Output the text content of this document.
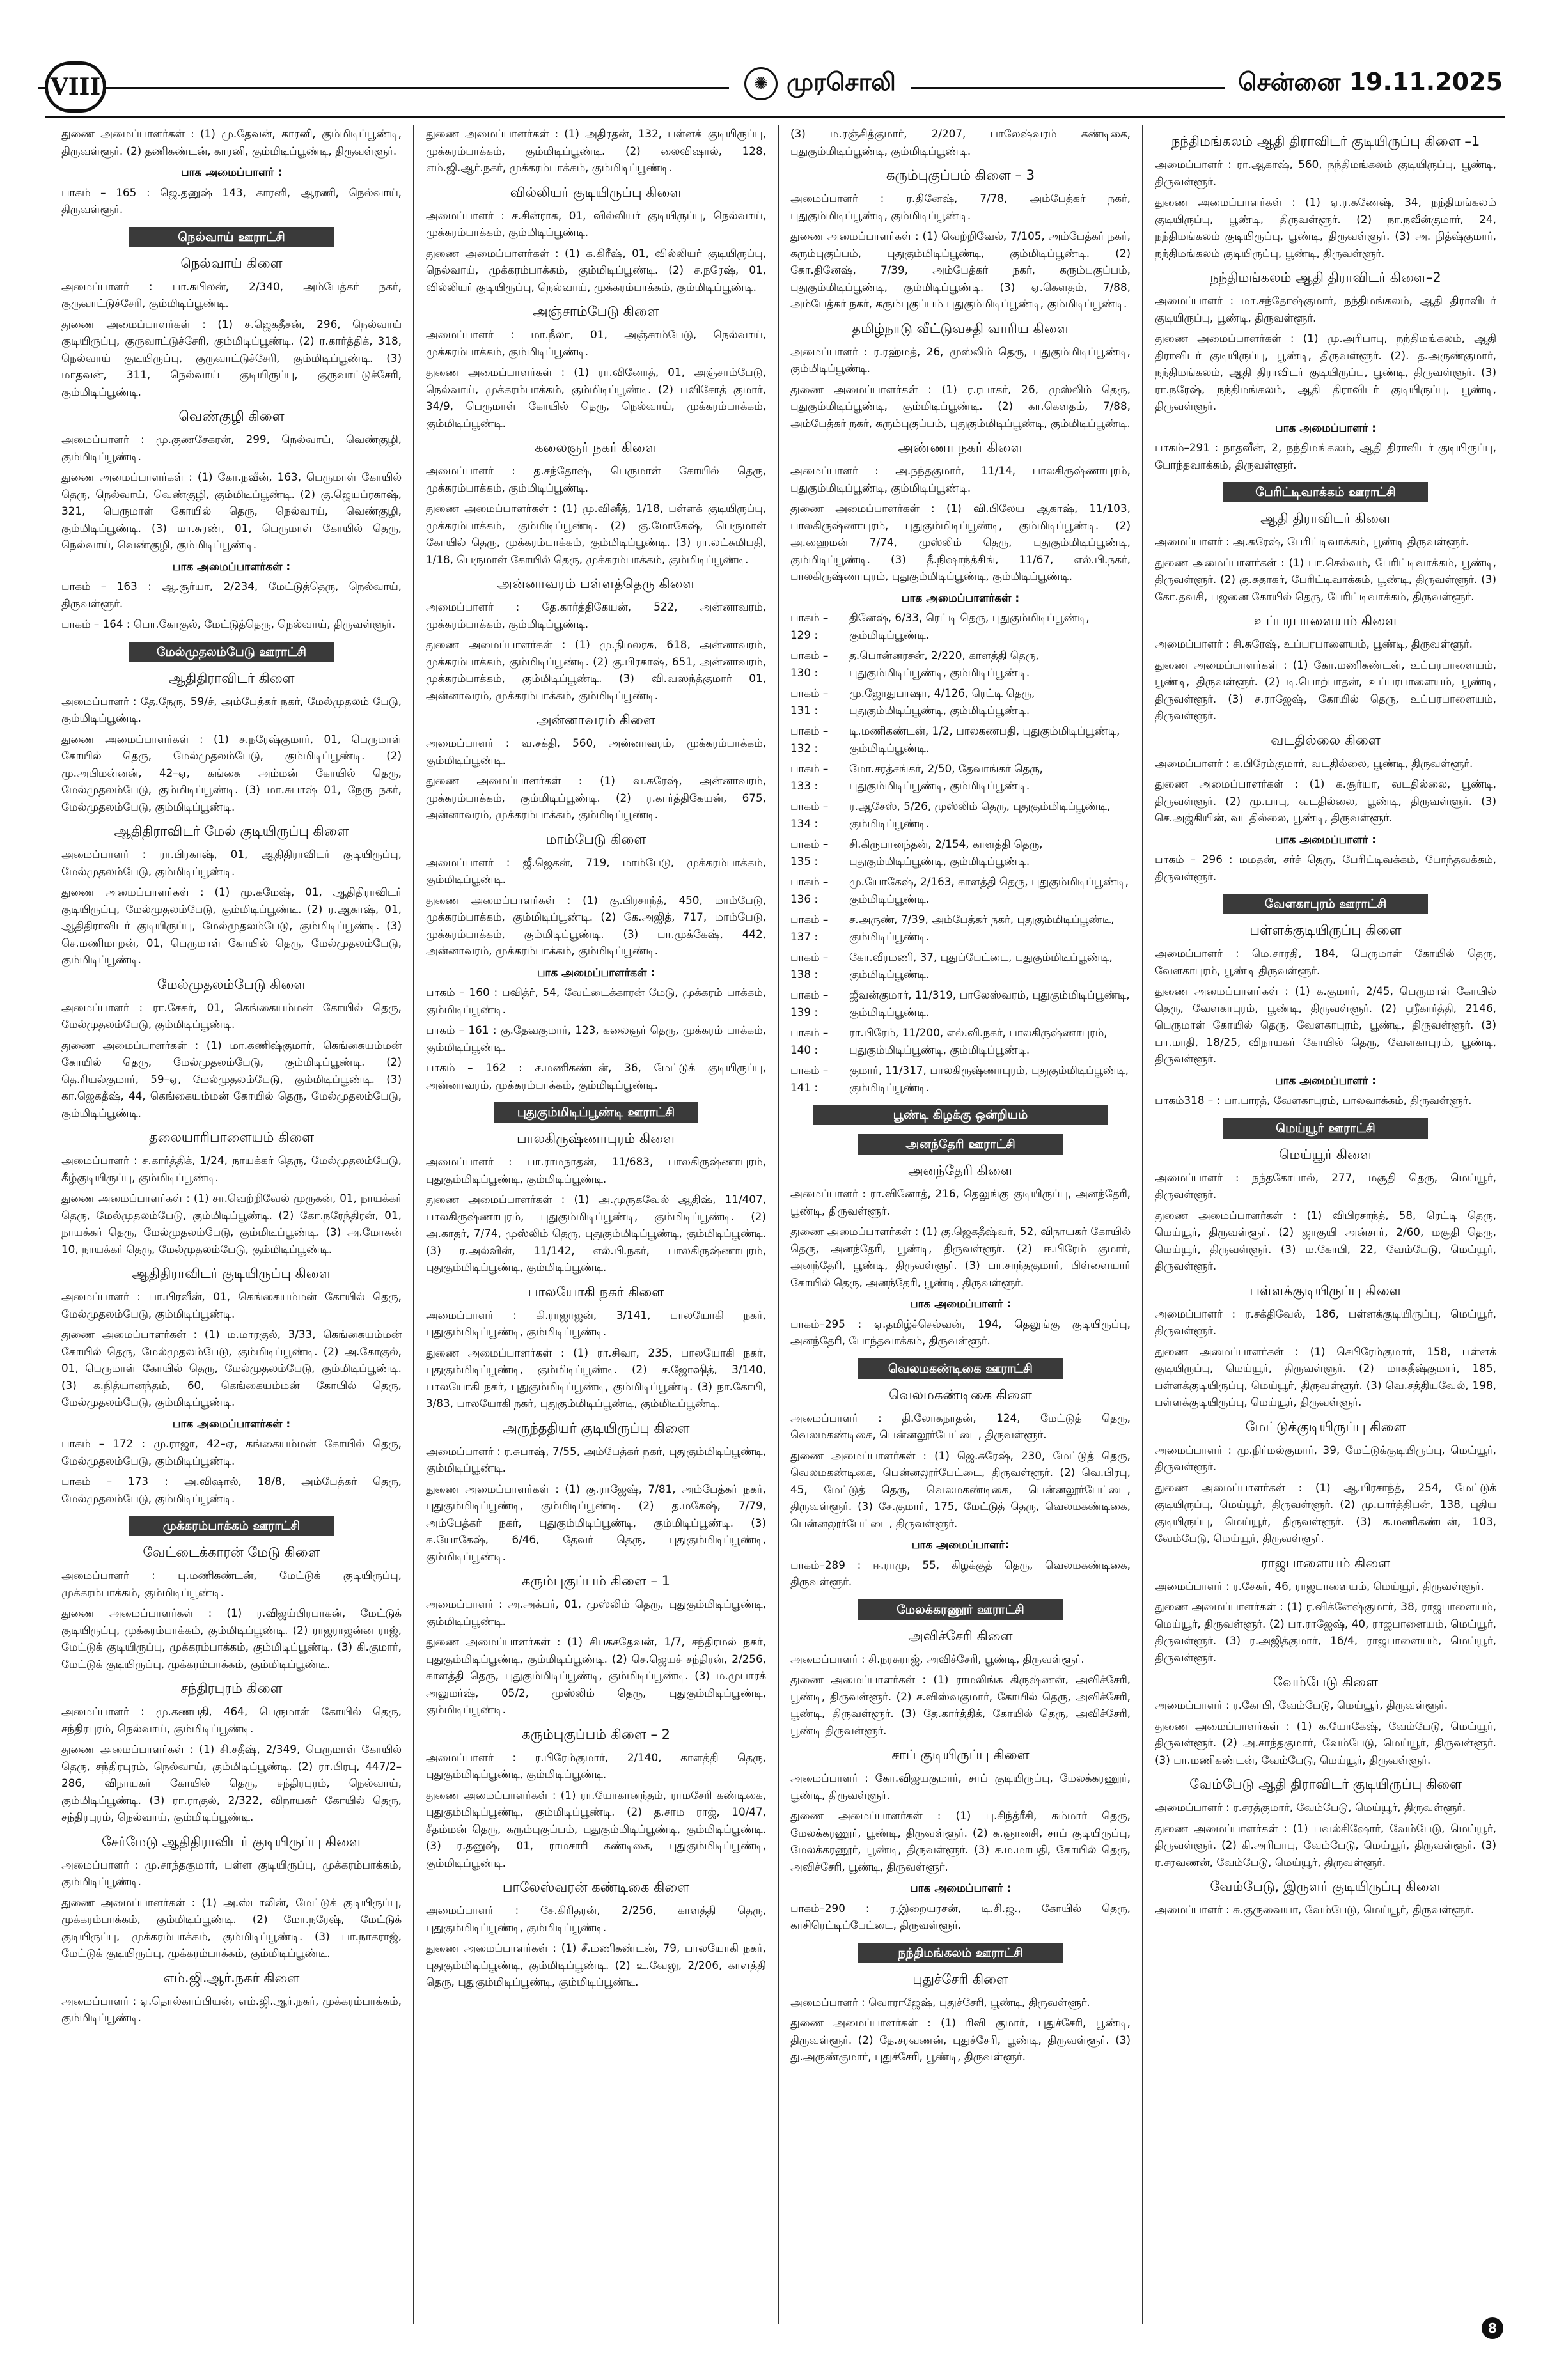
VIII	✺ முரசொலி	சென்னை 19.11.2025

துணை அமைப்பாளர்கள் : (1) மு.தேவன், காரனி, கும்மிடிப்பூண்டி, திருவள்ளூர். (2) தணிகண்டன், காரனி, கும்மிடிப்பூண்டி, திருவள்ளூர்.

பாக அமைப்பாளர் :

பாகம் – 165 : ஜெ.தனுஷ் 143, காரனி, ஆரணி, நெல்வாய், திருவள்ளூர்.

நெல்வாய் ஊராட்சி
நெல்வாய் கிளை

அமைப்பாளர் : பா.சுபிலன், 2/340, அம்பேத்கர் நகர், குருவாட்டுச்சேரி, கும்மிடிப்பூண்டி.

துணை அமைப்பாளர்கள் : (1) ச.ஜெகதீசன், 296, நெல்வாய் குடியிருப்பு, குருவாட்டுச்சேரி, கும்மிடிப்பூண்டி. (2) ர.கார்த்திக், 318, நெல்வாய் குடியிருப்பு, குருவாட்டுச்சேரி, கும்மிடிப்பூண்டி. (3) மாதவன், 311, நெல்வாய் குடியிருப்பு, குருவாட்டுச்சேரி, கும்மிடிப்பூண்டி.

வெண்குழி கிளை

அமைப்பாளர் : மு.குணசேகரன், 299, நெல்வாய், வெண்குழி, கும்மிடிப்பூண்டி.

துணை அமைப்பாளர்கள் : (1) கோ.நவீன், 163, பெருமாள் கோயில் தெரு, நெல்வாய், வெண்குழி, கும்மிடிப்பூண்டி. (2) கு.ஜெயப்ரகாஷ், 321, பெருமாள் கோயில் தெரு, நெல்வாய், வெண்குழி, கும்மிடிப்பூண்டி. (3) மா.சுரண், 01, பெருமாள் கோயில் தெரு, நெல்வாய், வெண்குழி, கும்மிடிப்பூண்டி.

பாக அமைப்பாளர்கள் :

பாகம் – 163 : ஆ.சூர்யா, 2/234, மேட்டுத்தெரு, நெல்வாய், திருவள்ளூர்.

பாகம் – 164 : பொ.கோகுல், மேட்டுத்தெரு, நெல்வாய், திருவள்ளூர்.

மேல்முதலம்பேடு ஊராட்சி
ஆதிதிராவிடர் கிளை

அமைப்பாளர் : தே.நேரு, 59/ச், அம்பேத்கர் நகர், மேல்முதலம் பேடு, கும்மிடிப்பூண்டி.

துணை அமைப்பாளர்கள் : (1) ச.நரேஷ்குமார், 01, பெருமாள் கோயில் தெரு, மேல்முதலம்பேடு, கும்மிடிப்பூண்டி. (2) மு.அபிமன்னன், 42–ஏ, கங்கை அம்மன் கோயில் தெரு, மேல்முதலம்பேடு, கும்மிடிப்பூண்டி. (3) மா.சுபாஷ் 01, நேரு நகர், மேல்முதலம்பேடு, கும்மிடிப்பூண்டி.

ஆதிதிராவிடர் மேல் குடியிருப்பு கிளை

அமைப்பாளர் : ரா.பிரகாஷ், 01, ஆதிதிராவிடர் குடியிருப்பு, மேல்முதலம்பேடு, கும்மிடிப்பூண்டி.

துணை அமைப்பாளர்கள் : (1) மு.கமேஷ், 01, ஆதிதிராவிடர் குடியிருப்பு, மேல்முதலம்பேடு, கும்மிடிப்பூண்டி. (2) ர.ஆகாஷ், 01, ஆதிதிராவிடர் குடியிருப்பு, மேல்முதலம்பேடு, கும்மிடிப்பூண்டி. (3) செ.மணிமாறன், 01, பெருமாள் கோயில் தெரு, மேல்முதலம்பேடு, கும்மிடிப்பூண்டி.

மேல்முதலம்பேடு கிளை

அமைப்பாளர் : ரா.சேகர், 01, கெங்கையம்மன் கோயில் தெரு, மேல்முதலம்பேடு, கும்மிடிப்பூண்டி.

துணை அமைப்பாளர்கள் : (1) மா.கணிஷ்குமார், கெங்கையம்மன் கோயில் தெரு, மேல்முதலம்பேடு, கும்மிடிப்பூண்டி. (2) தெ.ரியல்குமார், 59–ஏ, மேல்முதலம்பேடு, கும்மிடிப்பூண்டி. (3) கா.ஜெகதீஷ், 44, கெங்கையம்மன் கோயில் தெரு, மேல்முதலம்பேடு, கும்மிடிப்பூண்டி.

தலையாரிபாளையம் கிளை

அமைப்பாளர் : ச.கார்த்திக், 1/24, நாயக்கர் தெரு, மேல்முதலம்பேடு, கீழ்குடியிருப்பு, கும்மிடிப்பூண்டி.

துணை அமைப்பாளர்கள் : (1) சா.வெற்றிவேல் முருகன், 01, நாயக்கர் தெரு, மேல்முதலம்பேடு, கும்மிடிப்பூண்டி. (2) கோ.நரேந்திரன், 01, நாயக்கர் தெரு, மேல்முதலம்பேடு, கும்மிடிப்பூண்டி. (3) அ.மோகன் 10, நாயக்கர் தெரு, மேல்முதலம்பேடு, கும்மிடிப்பூண்டி.

ஆதிதிராவிடர் குடியிருப்பு கிளை

அமைப்பாளர் : பா.பிரவீன், 01, கெங்கையம்மன் கோயில் தெரு, மேல்முதலம்பேடு, கும்மிடிப்பூண்டி.

துணை அமைப்பாளர்கள் : (1) ம.மாரகுல், 3/33, கெங்கையம்மன் கோயில் தெரு, மேல்முதலம்பேடு, கும்மிடிப்பூண்டி. (2) அ.கோகுல், 01, பெருமாள் கோயில் தெரு, மேல்முதலம்பேடு, கும்மிடிப்பூண்டி. (3) க.நித்யானந்தம், 60, கெங்கையம்மன் கோயில் தெரு, மேல்முதலம்பேடு, கும்மிடிப்பூண்டி.

பாக அமைப்பாளர்கள் :

பாகம் – 172 : மு.ராஜா, 42–ஏ, கங்கையம்மன் கோயில் தெரு, மேல்முதலம்பேடு, கும்மிடிப்பூண்டி.

பாகம் – 173 : அ.விஷால், 18/8, அம்பேத்கர் தெரு, மேல்முதலம்பேடு, கும்மிடிப்பூண்டி.

முக்கரம்பாக்கம் ஊராட்சி
வேட்டைக்காரன் மேடு கிளை

அமைப்பாளர் : பு.மணிகண்டன், மேட்டுக் குடியிருப்பு, முக்கரம்பாக்கம், கும்மிடிப்பூண்டி.

துணை அமைப்பாளர்கள் : (1) ர.விஜய்பிரபாகன், மேட்டுக் குடியிருப்பு, முக்கரம்பாக்கம், கும்மிடிப்பூண்டி. (2) ராஜராஜன்ன ராஜ், மேட்டுக் குடியிருப்பு, முக்கரம்பாக்கம், கும்மிடிப்பூண்டி. (3) கி.குமார், மேட்டுக் குடியிருப்பு, முக்கரம்பாக்கம், கும்மிடிப்பூண்டி.

சந்திரபுரம் கிளை

அமைப்பாளர் : மு.கணபதி, 464, பெருமாள் கோயில் தெரு, சந்திரபுரம், நெல்வாய், கும்மிடிப்பூண்டி.

துணை அமைப்பாளர்கள் : (1) சி.சதீஷ், 2/349, பெருமாள் கோயில் தெரு, சந்திரபுரம், நெல்வாய், கும்மிடிப்பூண்டி. (2) ரா.பிரபு, 447/2–286, விநாயகர் கோயில் தெரு, சந்திரபுரம், நெல்வாய், கும்மிடிப்பூண்டி. (3) ரா.ராகுல், 2/322, விநாயகர் கோயில் தெரு, சந்திரபுரம், நெல்வாய், கும்மிடிப்பூண்டி.

சேர்மேடு ஆதிதிராவிடர் குடியிருப்பு கிளை

அமைப்பாளர் : மு.சாந்தகுமார், பள்ள குடியிருப்பு, முக்கரம்பாக்கம், கும்மிடிப்பூண்டி.

துணை அமைப்பாளர்கள் : (1) அ.ஸ்டாலின், மேட்டுக் குடியிருப்பு, முக்கரம்பாக்கம், கும்மிடிப்பூண்டி. (2) மோ.நரேஷ், மேட்டுக் குடியிருப்பு, முக்கரம்பாக்கம், கும்மிடிப்பூண்டி. (3) பா.நாகராஜ், மேட்டுக் குடியிருப்பு, முக்கரம்பாக்கம், கும்மிடிப்பூண்டி.

எம்.ஜி.ஆர்.நகர் கிளை

அமைப்பாளர் : ஏ.தொல்காப்பியன், எம்.ஜி.ஆர்.நகர், முக்கரம்பாக்கம், கும்மிடிப்பூண்டி.

துணை அமைப்பாளர்கள் : (1) அதிரதன், 132, பள்ளக் குடியிருப்பு, முக்கரம்பாக்கம், கும்மிடிப்பூண்டி. (2) லைவிஷால், 128, எம்.ஜி.ஆர்.நகர், முக்கரம்பாக்கம், கும்மிடிப்பூண்டி.

வில்லியர் குடியிருப்பு கிளை

அமைப்பாளர் : ச.சின்ராசு, 01, வில்லியர் குடியிருப்பு, நெல்வாய், முக்கரம்பாக்கம், கும்மிடிப்பூண்டி.

துணை அமைப்பாளர்கள் : (1) க.கிரீஷ், 01, வில்லியர் குடியிருப்பு, நெல்வாய், முக்கரம்பாக்கம், கும்மிடிப்பூண்டி. (2) ச.நரேஷ், 01, வில்லியர் குடியிருப்பு, நெல்வாய், முக்கரம்பாக்கம், கும்மிடிப்பூண்டி.

அஞ்சாம்பேடு கிளை

அமைப்பாளர் : மா.நீலா, 01, அஞ்சாம்பேடு, நெல்வாய், முக்கரம்பாக்கம், கும்மிடிப்பூண்டி.

துணை அமைப்பாளர்கள் : (1) ரா.வினோத், 01, அஞ்சாம்பேடு, நெல்வாய், முக்கரம்பாக்கம், கும்மிடிப்பூண்டி. (2) பவிசோத் குமார், 34/9, பெருமாள் கோயில் தெரு, நெல்வாய், முக்கரம்பாக்கம், கும்மிடிப்பூண்டி.

கலைஞர் நகர் கிளை

அமைப்பாளர் : த.சந்தோஷ், பெருமாள் கோயில் தெரு, முக்கரம்பாக்கம், கும்மிடிப்பூண்டி.

துணை அமைப்பாளர்கள் : (1) மு.வினீத், 1/18, பள்ளக் குடியிருப்பு, முக்கரம்பாக்கம், கும்மிடிப்பூண்டி. (2) கு.மோகேஷ், பெருமாள் கோயில் தெரு, முக்கரம்பாக்கம், கும்மிடிப்பூண்டி. (3) ரா.லட்சுமிபதி, 1/18, பெருமாள் கோயில் தெரு, முக்கரம்பாக்கம், கும்மிடிப்பூண்டி.

அன்னாவரம் பள்ளத்தெரு கிளை

அமைப்பாளர் : தே.கார்த்திகேயன், 522, அன்னாவரம், முக்கரம்பாக்கம், கும்மிடிப்பூண்டி.

துணை அமைப்பாளர்கள் : (1) மு.நிமலரசு, 618, அன்னாவரம், முக்கரம்பாக்கம், கும்மிடிப்பூண்டி. (2) கு.பிரகாஷ், 651, அன்னாவரம், முக்கரம்பாக்கம், கும்மிடிப்பூண்டி. (3) வி.வஸந்த்குமார் 01, அன்னாவரம், முக்கரம்பாக்கம், கும்மிடிப்பூண்டி.

அன்னாவரம் கிளை

அமைப்பாளர் : வ.சக்தி, 560, அன்னாவரம், முக்கரம்பாக்கம், கும்மிடிப்பூண்டி.

துணை அமைப்பாளர்கள் : (1) வ.சுரேஷ், அன்னாவரம், முக்கரம்பாக்கம், கும்மிடிப்பூண்டி. (2) ர.கார்த்திகேயன், 675, அன்னாவரம், முக்கரம்பாக்கம், கும்மிடிப்பூண்டி.

மாம்பேடு கிளை

அமைப்பாளர் : ஜீ.ஜெகன், 719, மாம்பேடு, முக்கரம்பாக்கம், கும்மிடிப்பூண்டி.

துணை அமைப்பாளர்கள் : (1) கு.பிரசாந்த், 450, மாம்பேடு, முக்கரம்பாக்கம், கும்மிடிப்பூண்டி. (2) கே.அஜித், 717, மாம்பேடு, முக்கரம்பாக்கம், கும்மிடிப்பூண்டி. (3) பா.முக்கேஷ், 442, அன்னாவரம், முக்கரம்பாக்கம், கும்மிடிப்பூண்டி.

பாக அமைப்பாளர்கள் :

பாகம் – 160 : பவித்ர், 54, வேட்டைக்காரன் மேடு, முக்கரம் பாக்கம், கும்மிடிப்பூண்டி.

பாகம் – 161 : கு.தேவகுமார், 123, கலைஞர் தெரு, முக்கரம் பாக்கம், கும்மிடிப்பூண்டி.

பாகம் – 162 : ச.மணிகண்டன், 36, மேட்டுக் குடியிருப்பு, அன்னாவரம், முக்கரம்பாக்கம், கும்மிடிப்பூண்டி.

புதுகும்மிடிப்பூண்டி ஊராட்சி
பாலகிருஷ்ணாபுரம் கிளை

அமைப்பாளர் : பா.ராமநாதன், 11/683, பாலகிருஷ்ணாபுரம், புதுகும்மிடிப்பூண்டி, கும்மிடிப்பூண்டி.

துணை அமைப்பாளர்கள் : (1) அ.முருகவேல் ஆதிஷ், 11/407, பாலகிருஷ்ணாபுரம், புதுகும்மிடிப்பூண்டி, கும்மிடிப்பூண்டி. (2) அ.காதர், 7/74, முஸ்லிம் தெரு, புதுகும்மிடிப்பூண்டி, கும்மிடிப்பூண்டி. (3) ர.அல்வின், 11/142, எல்.பி.நகர், பாலகிருஷ்ணாபுரம், புதுகும்மிடிப்பூண்டி, கும்மிடிப்பூண்டி.

பாலயோகி நகர் கிளை

அமைப்பாளர் : கி.ராஜாஜன், 3/141, பாலயோகி நகர், புதுகும்மிடிப்பூண்டி, கும்மிடிப்பூண்டி.

துணை அமைப்பாளர்கள் : (1) ரா.சிவா, 235, பாலயோகி நகர், புதுகும்மிடிப்பூண்டி, கும்மிடிப்பூண்டி. (2) ச.ஜோஷித், 3/140, பாலயோகி நகர், புதுகும்மிடிப்பூண்டி, கும்மிடிப்பூண்டி. (3) நா.கோபி, 3/83, பாலயோகி நகர், புதுகும்மிடிப்பூண்டி, கும்மிடிப்பூண்டி.

அருந்ததியர் குடியிருப்பு கிளை

அமைப்பாளர் : ர.சுபாஷ், 7/55, அம்பேத்கர் நகர், புதுகும்மிடிப்பூண்டி, கும்மிடிப்பூண்டி.

துணை அமைப்பாளர்கள் : (1) கு.ராஜேஷ், 7/81, அம்பேத்கர் நகர், புதுகும்மிடிப்பூண்டி, கும்மிடிப்பூண்டி. (2) த.மகேஷ், 7/79, அம்பேத்கர் நகர், புதுகும்மிடிப்பூண்டி, கும்மிடிப்பூண்டி. (3) க.யோகேஷ், 6/46, தேவர் தெரு, புதுகும்மிடிப்பூண்டி, கும்மிடிப்பூண்டி.

கரும்புகுப்பம் கிளை – 1

அமைப்பாளர் : அ.அக்பர், 01, முஸ்லிம் தெரு, புதுகும்மிடிப்பூண்டி, கும்மிடிப்பூண்டி.

துணை அமைப்பாளர்கள் : (1) சிபகசதேவன், 1/7, சந்திரமல் நகர், புதுகும்மிடிப்பூண்டி, கும்மிடிப்பூண்டி. (2) செ.ஜெயச் சந்திரன், 2/256, காளத்தி தெரு, புதுகும்மிடிப்பூண்டி, கும்மிடிப்பூண்டி. (3) ம.முபாரக் அலுமர்ஷ், 05/2, முஸ்லிம் தெரு, புதுகும்மிடிப்பூண்டி, கும்மிடிப்பூண்டி.

கரும்புகுப்பம் கிளை – 2

அமைப்பாளர் : ர.பிரேம்குமார், 2/140, காளத்தி தெரு, புதுகும்மிடிப்பூண்டி, கும்மிடிப்பூண்டி.

துணை அமைப்பாளர்கள் : (1) ரா.யோகானந்தம், ராமசேரி கண்டிகை, புதுகும்மிடிப்பூண்டி, கும்மிடிப்பூண்டி. (2) த.சாம ராஜ், 10/47, சீதம்மன் தெரு, கரும்புகுப்பம், புதுகும்மிடிப்பூண்டி, கும்மிடிப்பூண்டி. (3) ர.தனுஷ், 01, ராமசாரி கண்டிகை, புதுகும்மிடிப்பூண்டி, கும்மிடிப்பூண்டி.

பாலேஸ்வரன் கண்டிகை கிளை

அமைப்பாளர் : சே.கிரிதரன், 2/256, காளத்தி தெரு, புதுகும்மிடிப்பூண்டி, கும்மிடிப்பூண்டி.

துணை அமைப்பாளர்கள் : (1) சீ.மணிகண்டன், 79, பாலயோகி நகர், புதுகும்மிடிப்பூண்டி, கும்மிடிப்பூண்டி. (2) உ.வேலு, 2/206, காளத்தி தெரு, புதுகும்மிடிப்பூண்டி, கும்மிடிப்பூண்டி.

(3) ம.ரஞ்சித்குமார், 2/207, பாலேஷ்வரம் கண்டிகை, புதுகும்மிடிப்பூண்டி, கும்மிடிப்பூண்டி.

கரும்புகுப்பம் கிளை – 3

அமைப்பாளர் : ர.தினேஷ், 7/78, அம்பேத்கர் நகர், புதுகும்மிடிப்பூண்டி, கும்மிடிப்பூண்டி.

துணை அமைப்பாளர்கள் : (1) வெற்றிவேல், 7/105, அம்பேத்கர் நகர், கரும்புகுப்பம், புதுகும்மிடிப்பூண்டி, கும்மிடிப்பூண்டி. (2) கோ.தினேஷ், 7/39, அம்பேத்கர் நகர், கரும்புகுப்பம், புதுகும்மிடிப்பூண்டி, கும்மிடிப்பூண்டி. (3) ஏ.கௌதம், 7/88, அம்பேத்கர் நகர், கரும்புகுப்பம் புதுகும்மிடிப்பூண்டி, கும்மிடிப்பூண்டி.

தமிழ்நாடு வீட்டுவசதி வாரிய கிளை

அமைப்பாளர் : ர.ரஹ்மத், 26, முஸ்லிம் தெரு, புதுகும்மிடிப்பூண்டி, கும்மிடிப்பூண்டி.

துணை அமைப்பாளர்கள் : (1) ர.ரபாகர், 26, முஸ்லிம் தெரு, புதுகும்மிடிப்பூண்டி, கும்மிடிப்பூண்டி. (2) கா.கௌதம், 7/88, அம்பேத்கர் நகர், கரும்புகுப்பம், புதுகும்மிடிப்பூண்டி, கும்மிடிப்பூண்டி.

அண்ணா நகர் கிளை

அமைப்பாளர் : அ.நந்தகுமார், 11/14, பாலகிருஷ்ணாபுரம், புதுகும்மிடிப்பூண்டி, கும்மிடிப்பூண்டி.

துணை அமைப்பாளர்கள் : (1) வி.பிலேய ஆகாஷ், 11/103, பாலகிருஷ்ணாபுரம், புதுகும்மிடிப்பூண்டி, கும்மிடிப்பூண்டி. (2) அ.ஹைமன் 7/74, முஸ்லிம் தெரு, புதுகும்மிடிப்பூண்டி, கும்மிடிப்பூண்டி. (3) தீ.நிஷாந்த்சிங், 11/67, எல்.பி.நகர், பாலகிருஷ்ணாபுரம், புதுகும்மிடிப்பூண்டி, கும்மிடிப்பூண்டி.

பாக அமைப்பாளர்கள் :
பாகம் – 129 :
தினேஷ், 6/33, ரெட்டி தெரு, புதுகும்மிடிப்பூண்டி, கும்மிடிப்பூண்டி.
பாகம் – 130 :
த.பொன்னரசன், 2/220, காளத்தி தெரு, புதுகும்மிடிப்பூண்டி, கும்மிடிப்பூண்டி.
பாகம் – 131 :
மு.ஜோதுபாஷா, 4/126, ரெட்டி தெரு, புதுகும்மிடிப்பூண்டி, கும்மிடிப்பூண்டி.
பாகம் – 132 :
டி.மணிகண்டன், 1/2, பாலகணபதி, புதுகும்மிடிப்பூண்டி, கும்மிடிப்பூண்டி.
பாகம் – 133 :
மோ.சரத்சங்கர், 2/50, தேவாங்கர் தெரு, புதுகும்மிடிப்பூண்டி, கும்மிடிப்பூண்டி.
பாகம் – 134 :
ர.ஆசேஸ், 5/26, முஸ்லிம் தெரு, புதுகும்மிடிப்பூண்டி, கும்மிடிப்பூண்டி.
பாகம் – 135 :
சி.கிருபானந்தன், 2/154, காளத்தி தெரு, புதுகும்மிடிப்பூண்டி, கும்மிடிப்பூண்டி.
பாகம் – 136 :
மு.யோகேஷ், 2/163, காளத்தி தெரு, புதுகும்மிடிப்பூண்டி, கும்மிடிப்பூண்டி.
பாகம் – 137 :
ச.அருண், 7/39, அம்பேத்கர் நகர், புதுகும்மிடிப்பூண்டி, கும்மிடிப்பூண்டி.
பாகம் – 138 :
கோ.வீரமணி, 37, புதுப்பேட்டை, புதுகும்மிடிப்பூண்டி, கும்மிடிப்பூண்டி.
பாகம் – 139 :
ஜீவன்குமார், 11/319, பாலேஸ்வரம், புதுகும்மிடிப்பூண்டி, கும்மிடிப்பூண்டி.
பாகம் – 140 :
ரா.பிரேம், 11/200, எல்.வி.நகர், பாலகிருஷ்ணாபுரம், புதுகும்மிடிப்பூண்டி, கும்மிடிப்பூண்டி.
பாகம் – 141 :
குமார், 11/317, பாலகிருஷ்ணாபுரம், புதுகும்மிடிப்பூண்டி, கும்மிடிப்பூண்டி.
பூண்டி கிழக்கு ஒன்றியம்
அனந்தேரி ஊராட்சி
அனந்தேரி கிளை

அமைப்பாளர் : ரா.வினோத், 216, தெலுங்கு குடியிருப்பு, அனந்தேரி, பூண்டி, திருவள்ளூர்.

துணை அமைப்பாளர்கள் : (1) கு.ஜெகதீஷ்வர், 52, விநாயகர் கோயில் தெரு, அனந்தேரி, பூண்டி, திருவள்ளூர். (2) ஈ.பிரேம் குமார், அனந்தேரி, பூண்டி, திருவள்ளூர். (3) பா.சாந்தகுமார், பிள்ளையார் கோயில் தெரு, அனந்தேரி, பூண்டி, திருவள்ளூர்.

பாக அமைப்பாளர் :

பாகம்–295 : ஏ.தமிழ்ச்செல்வன், 194, தெலுங்கு குடியிருப்பு, அனந்தேரி, போந்தவாக்கம், திருவள்ளூர்.

வெலமகண்டிகை ஊராட்சி
வெலமகண்டிகை கிளை

அமைப்பாளர் : தி.லோகநாதன், 124, மேட்டுத் தெரு, வெலமகண்டிகை, பென்னலூர்பேட்டை, திருவள்ளூர்.

துணை அமைப்பாளர்கள் : (1) ஜெ.சுரேஷ், 230, மேட்டுத் தெரு, வெலமகண்டிகை, பென்னலூர்பேட்டை, திருவள்ளூர். (2) வெ.பிரபு, 45, மேட்டுத் தெரு, வெலமகண்டிகை, பென்னலூர்பேட்டை, திருவள்ளூர். (3) சே.குமார், 175, மேட்டுத் தெரு, வெலமகண்டிகை, பென்னலூர்பேட்டை, திருவள்ளூர்.

பாக அமைப்பாளர்:

பாகம்–289 : ஈ.ராமு, 55, கிழக்குத் தெரு, வெலமகண்டிகை, திருவள்ளூர்.

மேலக்கரணூர் ஊராட்சி
அவிச்சேரி கிளை

அமைப்பாளர் : சி.நரசுராஜ், அவிச்சேரி, பூண்டி, திருவள்ளூர்.

துணை அமைப்பாளர்கள் : (1) ராமலிங்க கிருஷ்ணன், அவிச்சேரி, பூண்டி, திருவள்ளூர். (2) ச.விஸ்வகுமார், கோயில் தெரு, அவிச்சேரி, பூண்டி, திருவள்ளூர். (3) தே.கார்த்திக், கோயில் தெரு, அவிச்சேரி, பூண்டி திருவள்ளூர்.

சாப் குடியிருப்பு கிளை

அமைப்பாளர் : கோ.விஜயகுமார், சாப் குடியிருப்பு, மேலக்கரணூர், பூண்டி, திருவள்ளூர்.

துணை அமைப்பாளர்கள் : (1) பு.சிந்த்ரீசி, சும்மார் தெரு, மேலக்கரணூர், பூண்டி, திருவள்ளூர். (2) க.ஞானசி, சாப் குடியிருப்பு, மேலக்கரணூர், பூண்டி, திருவள்ளூர். (3) ச.ம.மாபதி, கோயில் தெரு, அவிச்சேரி, பூண்டி, திருவள்ளூர்.

பாக அமைப்பாளர் :

பாகம்–290 : ர.இறையரசன், டி.சி.ஜ., கோயில் தெரு, காசிரெட்டிப்பேட்டை, திருவள்ளூர்.

நந்திமங்கலம் ஊராட்சி
புதுச்சேரி கிளை

அமைப்பாளர் : வொராஜேஷ், புதுச்சேரி, பூண்டி, திருவள்ளூர்.

துணை அமைப்பாளர்கள் : (1) ரிவி குமார், புதுச்சேரி, பூண்டி, திருவள்ளூர். (2) தே.சரவணன், புதுச்சேரி, பூண்டி, திருவள்ளூர். (3) து.அருண்குமார், புதுச்சேரி, பூண்டி, திருவள்ளூர்.

நந்திமங்கலம் ஆதி திராவிடர் குடியிருப்பு கிளை –1

அமைப்பாளர் : ரா.ஆகாஷ், 560, நந்திமங்கலம் குடியிருப்பு, பூண்டி, திருவள்ளூர்.

துணை அமைப்பாளர்கள் : (1) ஏ.ர.கணேஷ், 34, நந்திமங்கலம் குடியிருப்பு, பூண்டி, திருவள்ளூர். (2) நா.நவீன்குமார், 24, நந்திமங்கலம் குடியிருப்பு, பூண்டி, திருவள்ளூர். (3) அ. நித்ஷ்குமார், நந்திமங்கலம் குடியிருப்பு, பூண்டி, திருவள்ளூர்.

நந்திமங்கலம் ஆதி திராவிடர் கிளை–2

அமைப்பாளர் : மா.சந்தோஷ்குமார், நந்திமங்கலம், ஆதி திராவிடர் குடியிருப்பு, பூண்டி, திருவள்ளூர்.

துணை அமைப்பாளர்கள் : (1) மு.அரிபாபு, நந்திமங்கலம், ஆதி திராவிடர் குடியிருப்பு, பூண்டி, திருவள்ளூர். (2). த.அருண்குமார், நந்திமங்கலம், ஆதி திராவிடர் குடியிருப்பு, பூண்டி, திருவள்ளூர். (3) ரா.நரேஷ், நந்திமங்கலம், ஆதி திராவிடர் குடியிருப்பு, பூண்டி, திருவள்ளூர்.

பாக அமைப்பாளர் :

பாகம்–291 : நாதவீன், 2, நந்திமங்கலம், ஆதி திராவிடர் குடியிருப்பு, போந்தவாக்கம், திருவள்ளூர்.

பேரிட்டிவாக்கம் ஊராட்சி
ஆதி திராவிடர் கிளை

அமைப்பாளர் : அ.சுரேஷ், பேரிட்டிவாக்கம், பூண்டி திருவள்ளூர்.

துணை அமைப்பாளர்கள் : (1) பா.செல்வம், பேரிட்டிவாக்கம், பூண்டி, திருவள்ளூர். (2) கு.சுதாகர், பேரிட்டிவாக்கம், பூண்டி, திருவள்ளூர். (3) கோ.தவசி, பஜனை கோயில் தெரு, பேரிட்டிவாக்கம், திருவள்ளூர்.

உப்பரபாளையம் கிளை

அமைப்பாளர் : சி.சுரேஷ், உப்பரபாளையம், பூண்டி, திருவள்ளூர்.

துணை அமைப்பாளர்கள் : (1) கோ.மணிகண்டன், உப்பரபாளையம், பூண்டி, திருவள்ளூர். (2) டி.பொற்பாதன், உப்பரபாளையம், பூண்டி, திருவள்ளூர். (3) ச.ராஜேஷ், கோயில் தெரு, உப்பரபாளையம், திருவள்ளூர்.

வடதில்லை கிளை

அமைப்பாளர் : க.பிரேம்குமார், வடதில்லை, பூண்டி, திருவள்ளூர்.

துணை அமைப்பாளர்கள் : (1) க.சூர்யா, வடதில்லை, பூண்டி, திருவள்ளூர். (2) மு.பாபு, வடதில்லை, பூண்டி, திருவள்ளூர். (3) செ.அஜ்கியின், வடதில்லை, பூண்டி, திருவள்ளூர்.

பாக அமைப்பாளர் :

பாகம் – 296 : மமதன், சர்ச் தெரு, பேரிட்டிவக்கம், போந்தவக்கம், திருவள்ளூர்.

வேளகாபுரம் ஊராட்சி
பள்ளக்குடியிருப்பு கிளை

அமைப்பாளர் : மெ.சாரதி, 184, பெருமாள் கோயில் தெரு, வேளகாபுரம், பூண்டி திருவள்ளூர்.

துணை அமைப்பாளர்கள் : (1) க.குமார், 2/45, பெருமாள் கோயில் தெரு, வேளகாபுரம், பூண்டி, திருவள்ளூர். (2) ஸ்ரீகார்த்தி, 2146, பெருமாள் கோயில் தெரு, வேளகாபுரம், பூண்டி, திருவள்ளூர். (3) பா.மாதி, 18/25, விநாயகர் கோயில் தெரு, வேளகாபுரம், பூண்டி, திருவள்ளூர்.

பாக அமைப்பாளர் :

பாகம்318 – : பா.பாரத், வேளகாபுரம், பாலவாக்கம், திருவள்ளூர்.

மெய்யூர் ஊராட்சி
மெய்யூர் கிளை

அமைப்பாளர் : நந்தகோபால், 277, மசூதி தெரு, மெய்யூர், திருவள்ளூர்.

துணை அமைப்பாளர்கள் : (1) விபிரசாந்த், 58, ரெட்டி தெரு, மெய்யூர், திருவள்ளூர். (2) ஜாகுயி அன்சார், 2/60, மசூதி தெரு, மெய்யூர், திருவள்ளூர். (3) ம.கோபி, 22, வேம்பேடு, மெய்யூர், திருவள்ளூர்.

பள்ளக்குடியிருப்பு கிளை

அமைப்பாளர் : ர.சக்திவேல், 186, பள்ளக்குடியிருப்பு, மெய்யூர், திருவள்ளூர்.

துணை அமைப்பாளர்கள் : (1) செபிரேம்குமார், 158, பள்ளக் குடியிருப்பு, மெய்யூர், திருவள்ளூர். (2) மாகதீஷ்குமார், 185, பள்ளக்குடியிருப்பு, மெய்யூர், திருவள்ளூர். (3) வெ.சத்தியவேல், 198, பள்ளக்குடியிருப்பு, மெய்யூர், திருவள்ளூர்.

மேட்டுக்குடியிருப்பு கிளை

அமைப்பாளர் : மு.நிர்மல்குமார், 39, மேட்டுக்குடியிருப்பு, மெய்யூர், திருவள்ளூர்.

துணை அமைப்பாளர்கள் : (1) ஆ.பிரசாந்த், 254, மேட்டுக் குடியிருப்பு, மெய்யூர், திருவள்ளூர். (2) மு.பார்த்திபன், 138, புதிய குடியிருப்பு, மெய்யூர், திருவள்ளூர். (3) க.மணிகண்டன், 103, வேம்பேடு, மெய்யூர், திருவள்ளூர்.

ராஜபாளையம் கிளை

அமைப்பாளர் : ர.சேகர், 46, ராஜபாளையம், மெய்யூர், திருவள்ளூர்.

துணை அமைப்பாளர்கள் : (1) ர.விக்னேஷ்குமார், 38, ராஜபாளையம், மெய்யூர், திருவள்ளூர். (2) பா.ராஜேஷ், 40, ராஜபாளையம், மெய்யூர், திருவள்ளூர். (3) ர.அஜித்குமார், 16/4, ராஜபாளையம், மெய்யூர், திருவள்ளூர்.

வேம்பேடு கிளை

அமைப்பாளர் : ர.கோபி, வேம்பேடு, மெய்யூர், திருவள்ளூர்.

துணை அமைப்பாளர்கள் : (1) க.யோகேஷ், வேம்பேடு, மெய்யூர், திருவள்ளூர். (2) அ.சாந்தகுமார், வேம்பேடு, மெய்யூர், திருவள்ளூர். (3) பா.மணிகண்டன், வேம்பேடு, மெய்யூர், திருவள்ளூர்.

வேம்பேடு ஆதி திராவிடர் குடியிருப்பு கிளை

அமைப்பாளர் : ர.சரத்குமார், வேம்பேடு, மெய்யூர், திருவள்ளூர்.

துணை அமைப்பாளர்கள் : (1) பவல்கிஷோர், வேம்பேடு, மெய்யூர், திருவள்ளூர். (2) கி.அரிபாபு, வேம்பேடு, மெய்யூர், திருவள்ளூர். (3) ர.சரவணன், வேம்பேடு, மெய்யூர், திருவள்ளூர்.

வேம்பேடு, இருளர் குடியிருப்பு கிளை

அமைப்பாளர் : சு.குருவையா, வேம்பேடு, மெய்யூர், திருவள்ளூர்.

8
